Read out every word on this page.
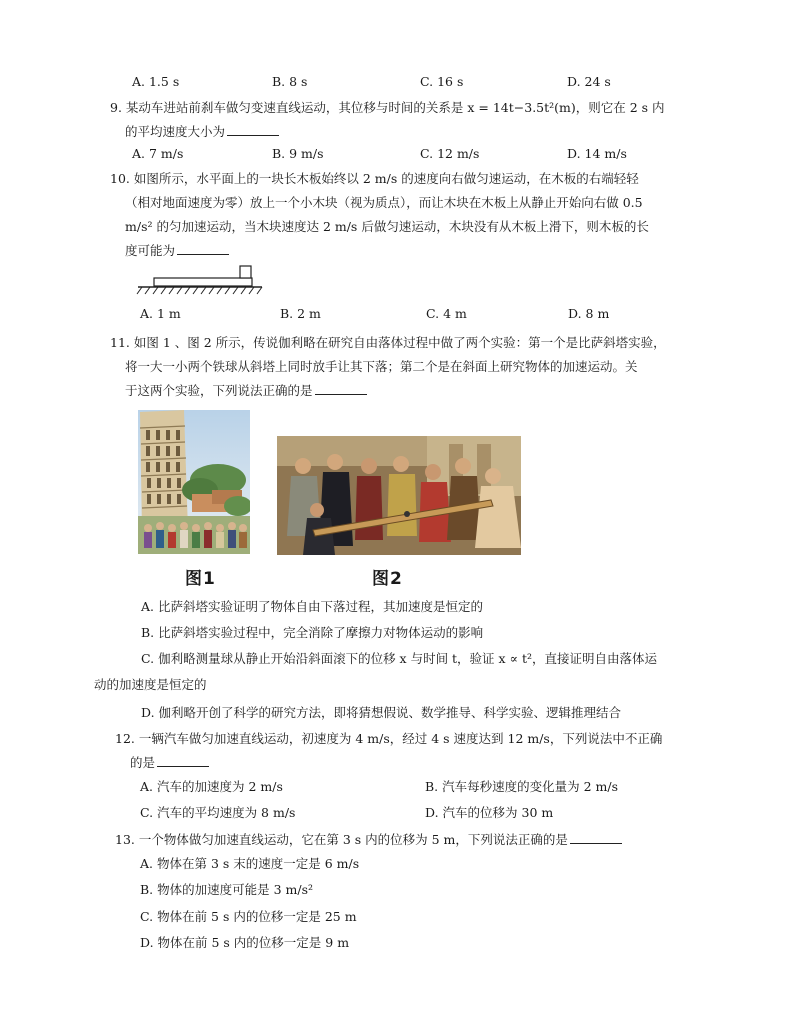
A. 1.5 s	B. 8 s	C. 16 s	D. 24 s
9. 某动车进站前刹车做匀变速直线运动，其位移与时间的关系是 x = 14t−3.5t²(m)，则它在 2 s 内
的平均速度大小为
A. 7 m/s	B. 9 m/s	C. 12 m/s	D. 14 m/s
10. 如图所示，水平面上的一块长木板始终以 2 m/s 的速度向右做匀速运动，在木板的右端轻轻
（相对地面速度为零）放上一个小木块（视为质点），而让木块在木板上从静止开始向右做 0.5
m/s² 的匀加速运动，当木块速度达 2 m/s 后做匀速运动，木块没有从木板上滑下，则木板的长
度可能为
A. 1 m	B. 2 m	C. 4 m	D. 8 m
11. 如图 1 、图 2 所示，传说伽利略在研究自由落体过程中做了两个实验：第一个是比萨斜塔实验，
将一大一小两个铁球从斜塔上同时放手让其下落；第二个是在斜面上研究物体的加速运动。关
于这两个实验，下列说法正确的是
图1	图2
A. 比萨斜塔实验证明了物体自由下落过程，其加速度是恒定的
B. 比萨斜塔实验过程中，完全消除了摩擦力对物体运动的影响
C. 伽利略测量球从静止开始沿斜面滚下的位移 x 与时间 t，验证 x ∝ t²，直接证明自由落体运
动的加速度是恒定的
D. 伽利略开创了科学的研究方法，即将猜想假说、数学推导、科学实验、逻辑推理结合
12. 一辆汽车做匀加速直线运动，初速度为 4 m/s，经过 4 s 速度达到 12 m/s，下列说法中不正确
的是
A. 汽车的加速度为 2 m/s	B. 汽车每秒速度的变化量为 2 m/s
C. 汽车的平均速度为 8 m/s	D. 汽车的位移为 30 m
13. 一个物体做匀加速直线运动，它在第 3 s 内的位移为 5 m，下列说法正确的是
A. 物体在第 3 s 末的速度一定是 6 m/s
B. 物体的加速度可能是 3 m/s²
C. 物体在前 5 s 内的位移一定是 25 m
D. 物体在前 5 s 内的位移一定是 9 m
